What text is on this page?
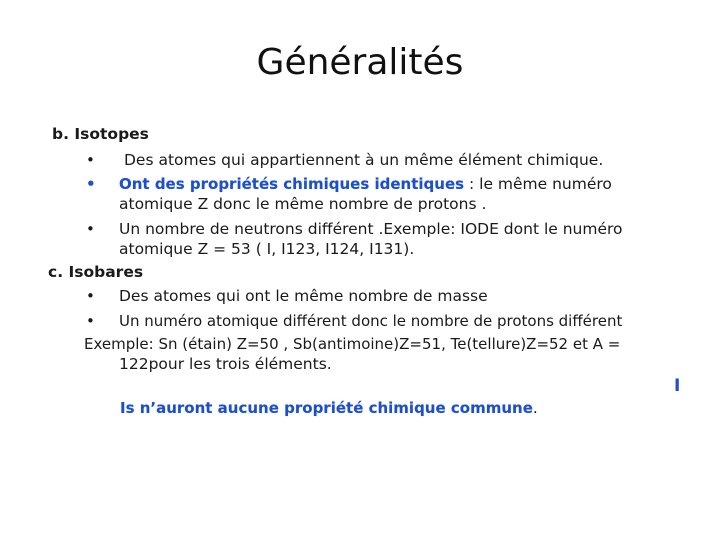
Généralités
b. Isotopes
• Des atomes qui appartiennent à un même élément chimique.
• Ont des propriétés chimiques identiques : le même numéro
atomique Z donc le même nombre de protons .
• Un nombre de neutrons différent .Exemple: IODE dont le numéro
atomique Z = 53 ( I, I123, I124, I131).
c. Isobares
• Des atomes qui ont le même nombre de masse
• Un numéro atomique différent donc le nombre de protons différent
Exemple: Sn (étain) Z=50 , Sb(antimoine)Z=51, Te(tellure)Z=52 et A =
122pour les trois éléments.
I
Is n’auront aucune propriété chimique commune.
